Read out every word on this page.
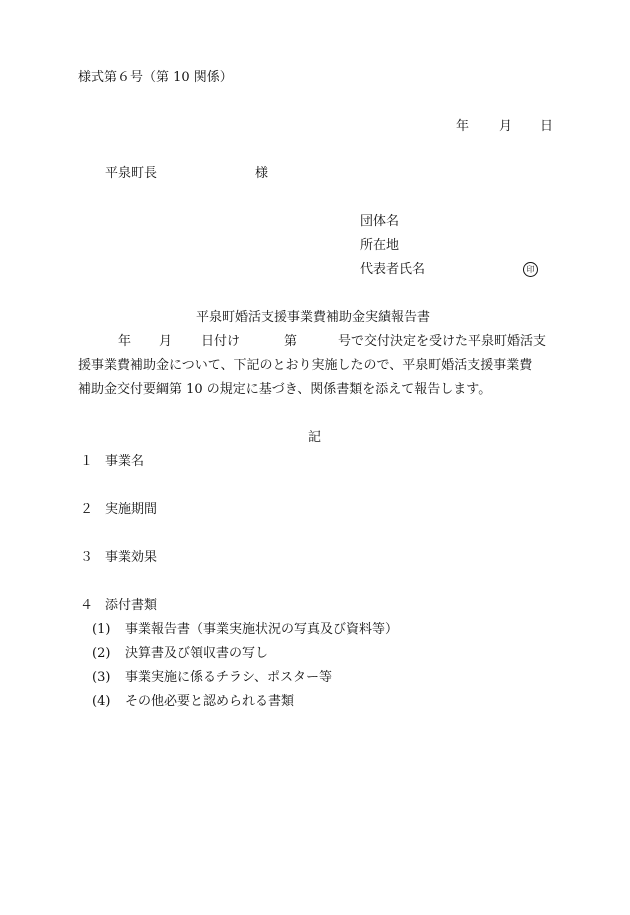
様式第６号（第 10 関係）
年 月 日
平泉町長	様
団体名
所在地
代表者氏名	印
平泉町婚活支援事業費補助金実績報告書
年 月 日付け	第	号で交付決定を受けた平泉町婚活支
援事業費補助金について、下記のとおり実施したので、平泉町婚活支援事業費
補助金交付要綱第 10 の規定に基づき、関係書類を添えて報告します。
記
１ 事業名
２ 実施期間
３ 事業効果
４ 添付書類
(1) 事業報告書（事業実施状況の写真及び資料等）
(2) 決算書及び領収書の写し
(3) 事業実施に係るチラシ、ポスター等
(4) その他必要と認められる書類
